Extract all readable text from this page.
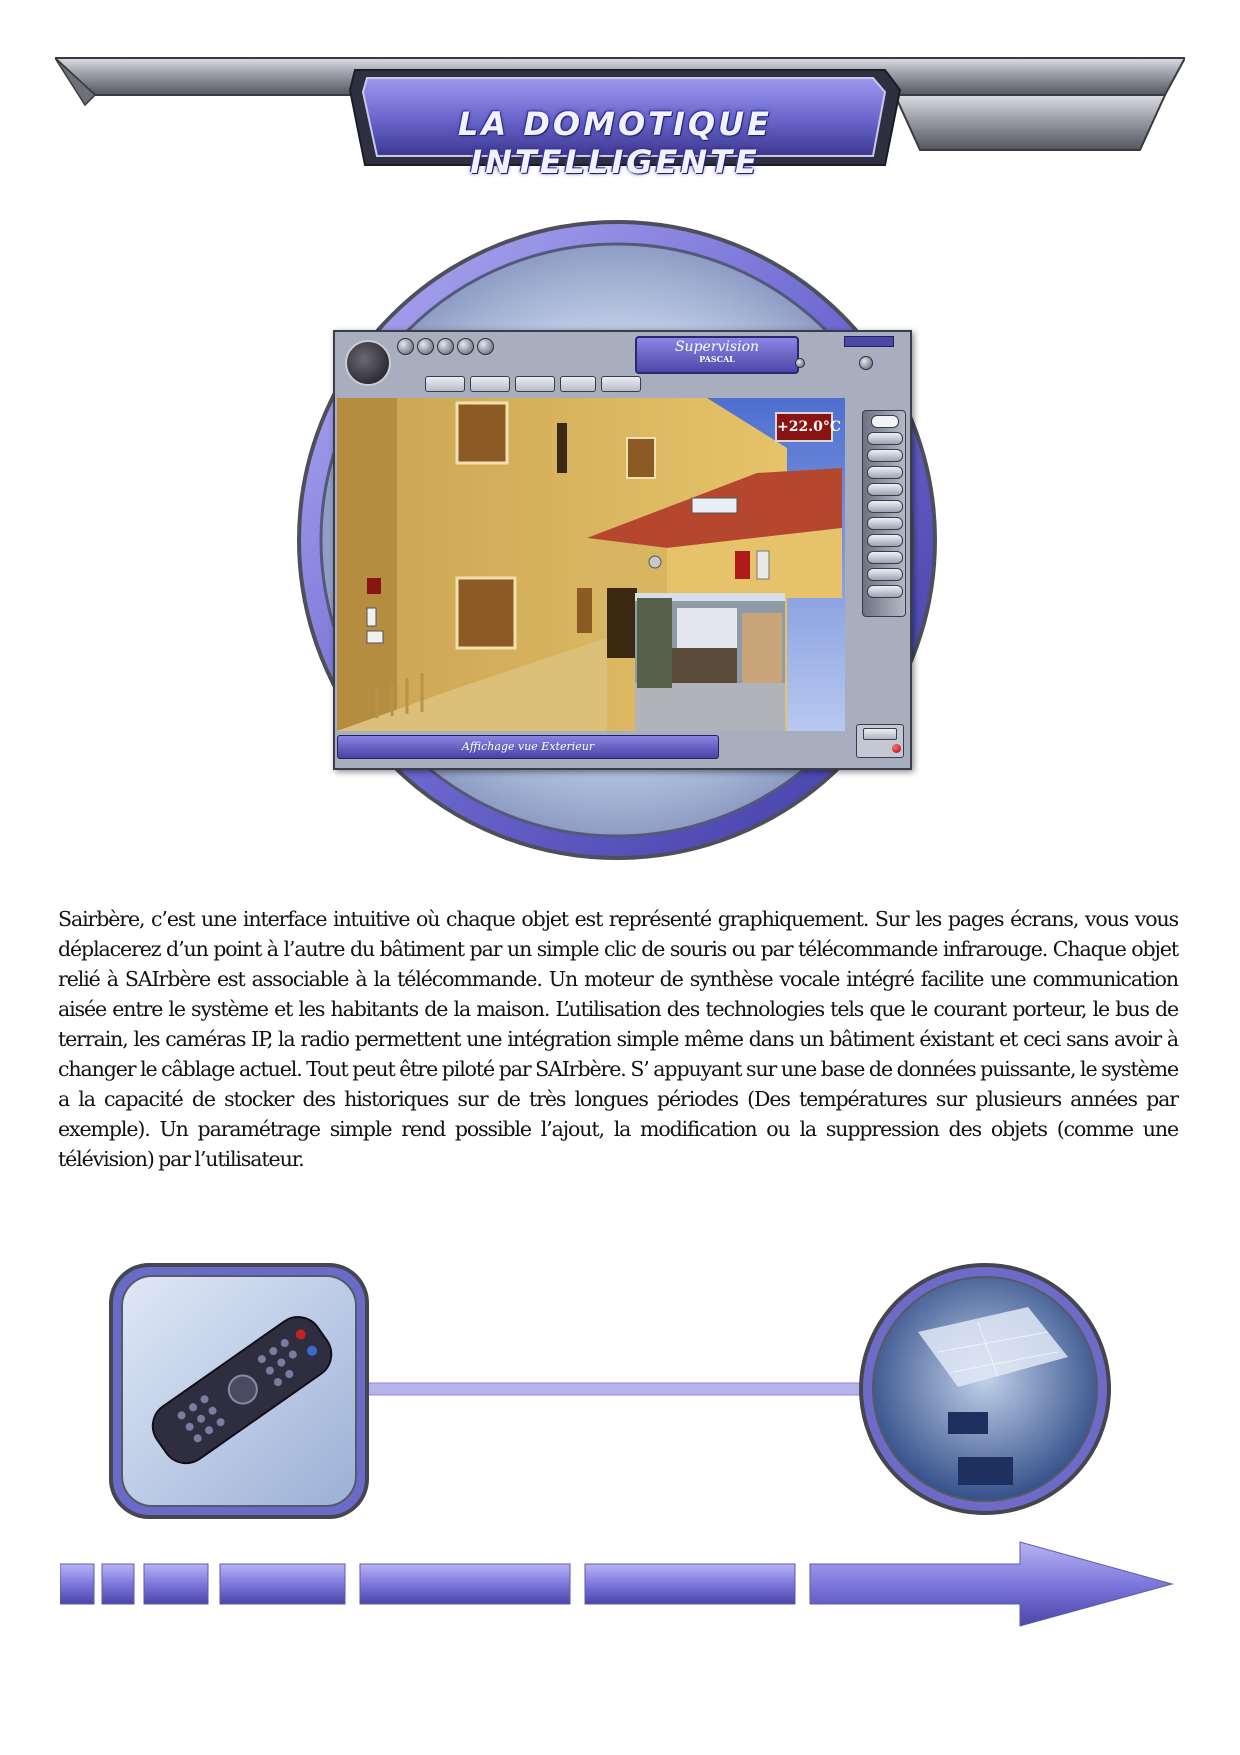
LA DOMOTIQUE INTELLIGENTE
Supervision
PASCAL
+22.0°C
Affichage vue Exterieur

Sairbère, c’est une interface intuitive où chaque objet est représenté graphiquement. Sur les pages écrans, vous vous déplacerez d’un point à l’autre du bâtiment par un simple clic de souris ou par télécommande infrarouge. Chaque objet relié à SAIrbère est associable à la télécommande. Un moteur de synthèse vocale intégré facilite une communication aisée entre le système et les habitants de la maison. L’utilisation des technologies tels que le courant porteur, le bus de terrain, les caméras IP, la radio permettent une intégration simple même dans un bâtiment éxistant et ceci sans avoir à changer le câblage actuel. Tout peut être piloté par SAIrbère. S’ appuyant sur une base de données puissante, le système a la capacité de stocker des historiques sur de très longues périodes (Des températures sur plusieurs années par exemple). Un paramétrage simple rend possible l’ajout, la modification ou la suppression des objets (comme une télévision) par l’utilisateur.
